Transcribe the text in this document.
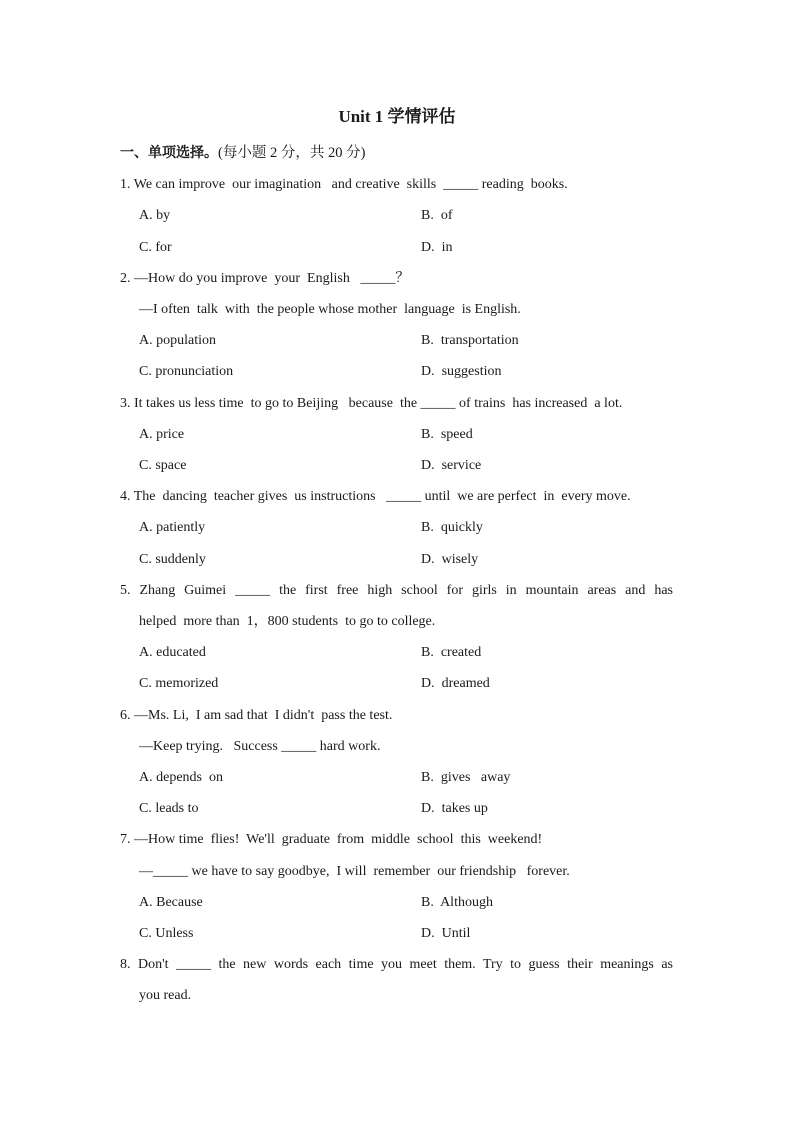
Unit 1 学情评估
一、单项选择。(每小题 2 分，共 20 分)
1. We can improve  our imagination   and creative  skills  _____ reading  books.
A. by	B.  of
C. for	D.  in
2. —How do you improve  your  English   _____？
—I often  talk  with  the people whose mother  language  is English.
A. population	B.  transportation
C. pronunciation	D.  suggestion
3. It takes us less time  to go to Beijing   because  the _____ of trains  has increased  a lot.
A. price	B.  speed
C. space	D.  service
4. The  dancing  teacher gives  us instructions   _____ until  we are perfect  in  every move.
A. patiently	B.  quickly
C. suddenly	D.  wisely
5. Zhang Guimei _____ the first free high school for girls in mountain areas and has
helped  more than  1，800 students  to go to college.
A. educated	B.  created
C. memorized	D.  dreamed
6. —Ms. Li,  I am sad that  I didn't  pass the test.
—Keep trying.   Success _____ hard work.
A. depends  on	B.  gives   away
C. leads to	D.  takes up
7. —How time  flies!  We'll  graduate  from  middle  school  this  weekend!
—_____ we have to say goodbye,  I will  remember  our friendship   forever.
A. Because	B.  Although
C. Unless	D.  Until
8. Don't _____ the new words each time you meet them. Try to guess their meanings as
you read.
